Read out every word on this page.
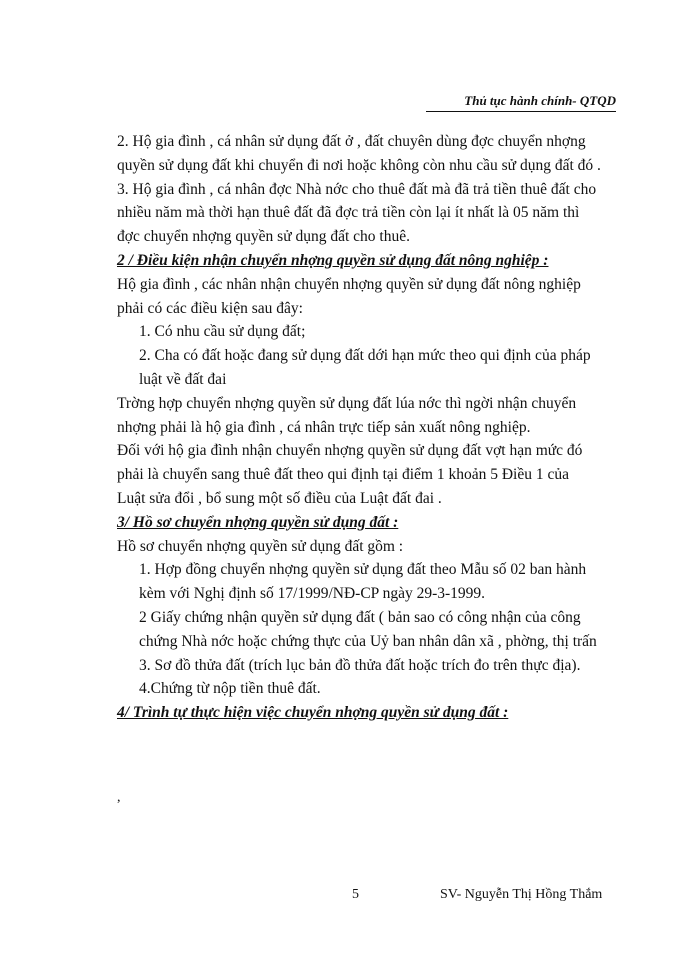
Thủ tục hành chính- QTQD

2. Hộ gia đình , cá nhân sử dụng đất ở , đất chuyên dùng đợc chuyển nhợng quyền sử dụng đất khi chuyển đi nơi hoặc không còn nhu cầu sử dụng đất đó .

3. Hộ gia đình , cá nhân đợc Nhà nớc cho thuê đất mà đã trả tiền thuê đất cho nhiều năm mà thời hạn thuê đất đã đợc trả tiền còn lại ít nhất là 05 năm thì đợc chuyển nhợng quyền sử dụng đất cho thuê.

2 / Điều kiện nhận chuyển nhợng quyền sử dụng đất nông nghiệp :

Hộ gia đình , các nhân nhận chuyển nhợng quyền sử dụng đất nông nghiệp phải có các điều kiện sau đây:

1. Có nhu cầu sử dụng đất;

2. Cha có đất hoặc đang sử dụng đất dới hạn mức theo qui định của pháp luật về đất đai

Trờng hợp chuyển nhợng quyền sử dụng đất lúa nớc thì ngời nhận chuyển nhợng phải là hộ gia đình , cá nhân trực tiếp sản xuất nông nghiệp.

Đối với hộ gia đình nhận chuyển nhợng quyền sử dụng đất vợt hạn mức đó phải là chuyển sang thuê đất theo qui định tại điểm 1 khoản 5 Điều 1 của Luật sửa đổi , bổ sung một số điều của Luật đất đai .

3/ Hồ sơ chuyển nhợng quyền sử dụng đất :

Hồ sơ chuyển nhợng quyền sử dụng đất gồm :

1. Hợp đồng chuyển nhợng quyền sử dụng đất theo Mẫu số 02 ban hành kèm với Nghị định số 17/1999/NĐ-CP ngày 29-3-1999.

2 Giấy chứng nhận quyền sử dụng đất ( bản sao có công nhận của công chứng Nhà nớc hoặc chứng thực của Uỷ ban nhân dân xã , phờng, thị trấn

3. Sơ đồ thửa đất (trích lục bản đồ thửa đất hoặc trích đo trên thực địa).

4.Chứng từ nộp tiền thuê đất.

4/ Trình tự thực hiện việc chuyển nhợng quyền sử dụng đất :

,
5	SV- Nguyễn Thị Hồng Thắm
